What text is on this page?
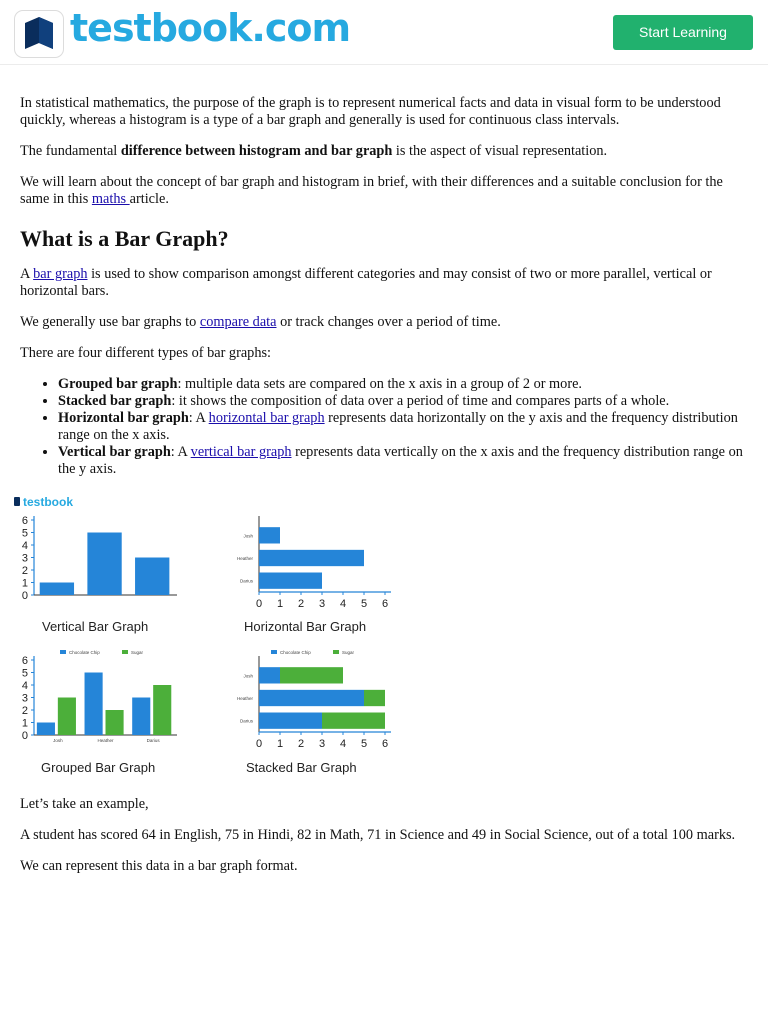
testbook.com	Start Learning

In statistical mathematics, the purpose of the graph is to represent numerical facts and data in visual form to be understood quickly, whereas a histogram is a type of a bar graph and generally is used for continuous class intervals.

The fundamental difference between histogram and bar graph is the aspect of visual representation.

We will learn about the concept of bar graph and histogram in brief, with their differences and a suitable conclusion for the same in this maths article.

What is a Bar Graph?

A bar graph is used to show comparison amongst different categories and may consist of two or more parallel, vertical or horizontal bars.

We generally use bar graphs to compare data or track changes over a period of time.

There are four different types of bar graphs:

• Grouped bar graph: multiple data sets are compared on the x axis in a group of 2 or more.
• Stacked bar graph: it shows the composition of data over a period of time and compares parts of a whole.
• Horizontal bar graph: A horizontal bar graph represents data horizontally on the y axis and the frequency distribution range on the x axis.
• Vertical bar graph: A vertical bar graph represents data vertically on the x axis and the frequency distribution range on the y axis.
testbook
0
1
2
3
4
5
6
Vertical Bar Graph
0 1 2 3 4 5 6
Josh
Heather
Darius
Horizontal Bar Graph
0
1
2
3
4
5
6
Josh	Heather	Darius
Chocolate Chip	Sugar
Grouped Bar Graph
0 1 2 3 4 5 6
Josh
Heather
Darius
Chocolate Chip	Sugar
Stacked Bar Graph

Let’s take an example,

A student has scored 64 in English, 75 in Hindi, 82 in Math, 71 in Science and 49 in Social Science, out of a total 100 marks.

We can represent this data in a bar graph format.
